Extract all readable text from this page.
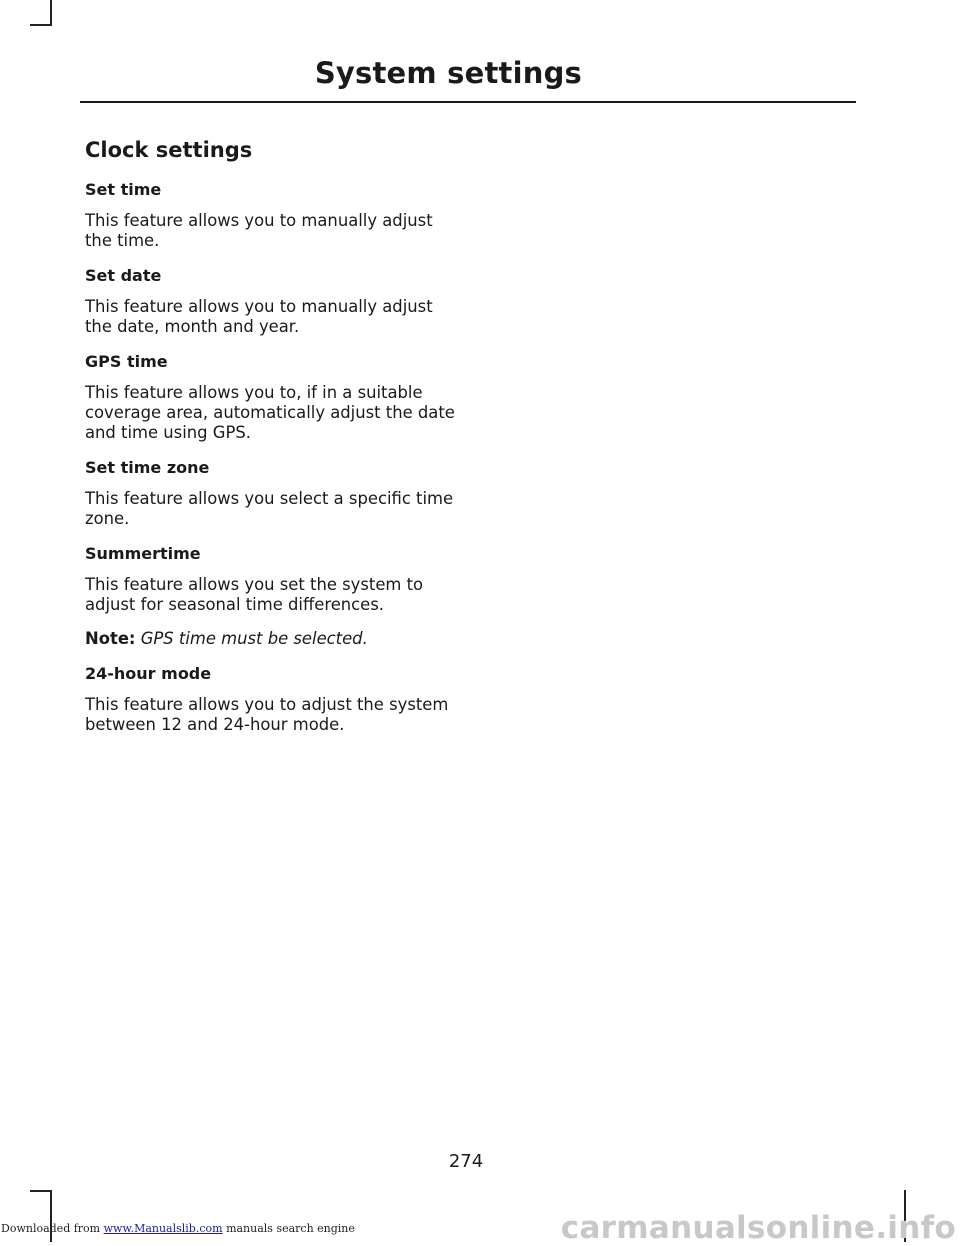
System settings
Clock settings
Set time

This feature allows you to manually adjust the time.

Set date

This feature allows you to manually adjust the date, month and year.

GPS time

This feature allows you to, if in a suitable coverage area, automatically adjust the date and time using GPS.

Set time zone

This feature allows you select a specific time zone.

Summertime

This feature allows you set the system to adjust for seasonal time differences.

Note: GPS time must be selected.

24-hour mode

This feature allows you to adjust the system between 12 and 24-hour mode.

274
Downloaded from www.Manualslib.com manuals search engine	carmanualsonline.info
